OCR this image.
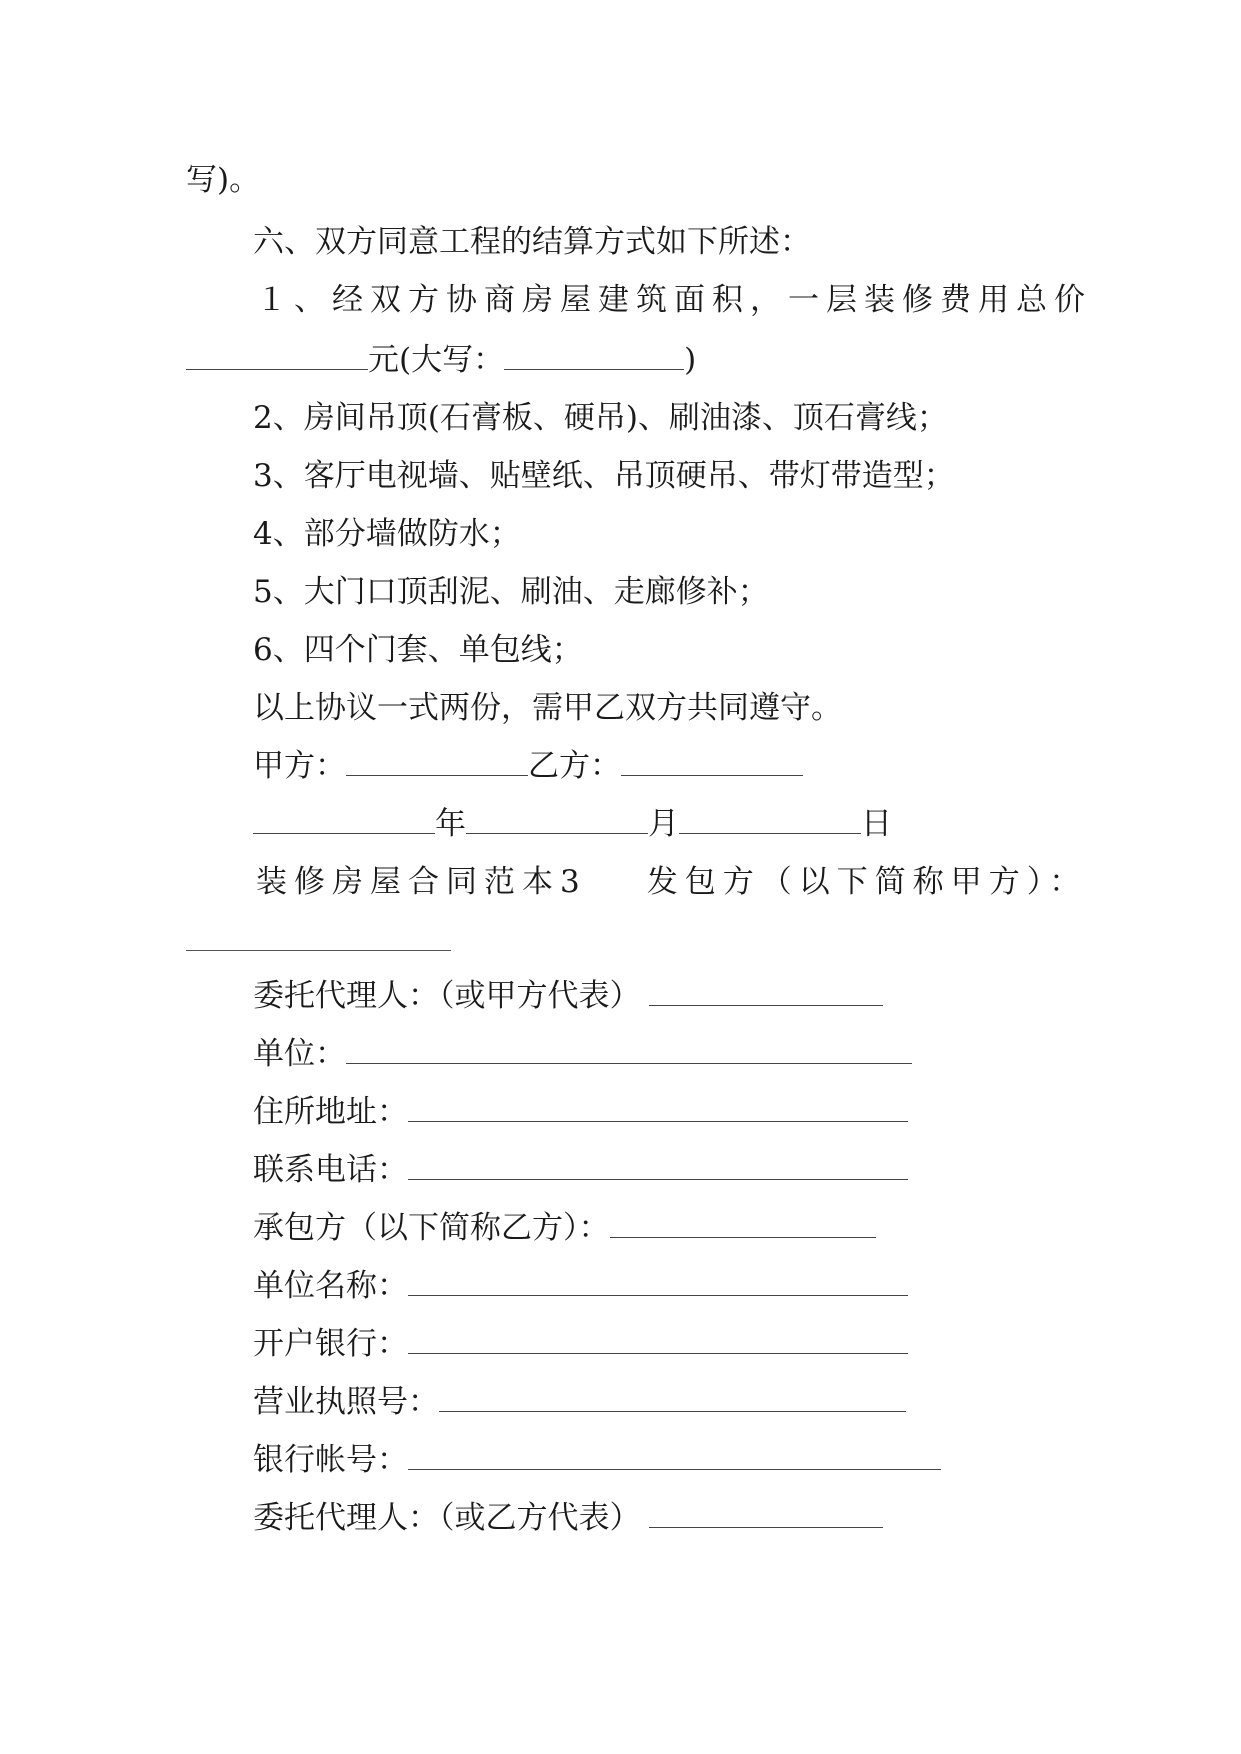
写)。
六、双方同意工程的结算方式如下所述：
１、经双方协商房屋建筑面积，一层装修费用总价
元(大写：	)
2、房间吊顶(石膏板、硬吊)、刷油漆、顶石膏线；
3、客厅电视墙、贴壁纸、吊顶硬吊、带灯带造型；
4、部分墙做防水；
5、大门口顶刮泥、刷油、走廊修补；
6、四个门套、单包线；
以上协议一式两份，需甲乙双方共同遵守。
甲方：	乙方：
年	月	日
装修房屋合同范本3 发包方（以下简称甲方）：
委托代理人：（或甲方代表）
单位：
住所地址：
联系电话：
承包方（以下简称乙方）：
单位名称：
开户银行：
营业执照号：
银行帐号：
委托代理人：（或乙方代表）
